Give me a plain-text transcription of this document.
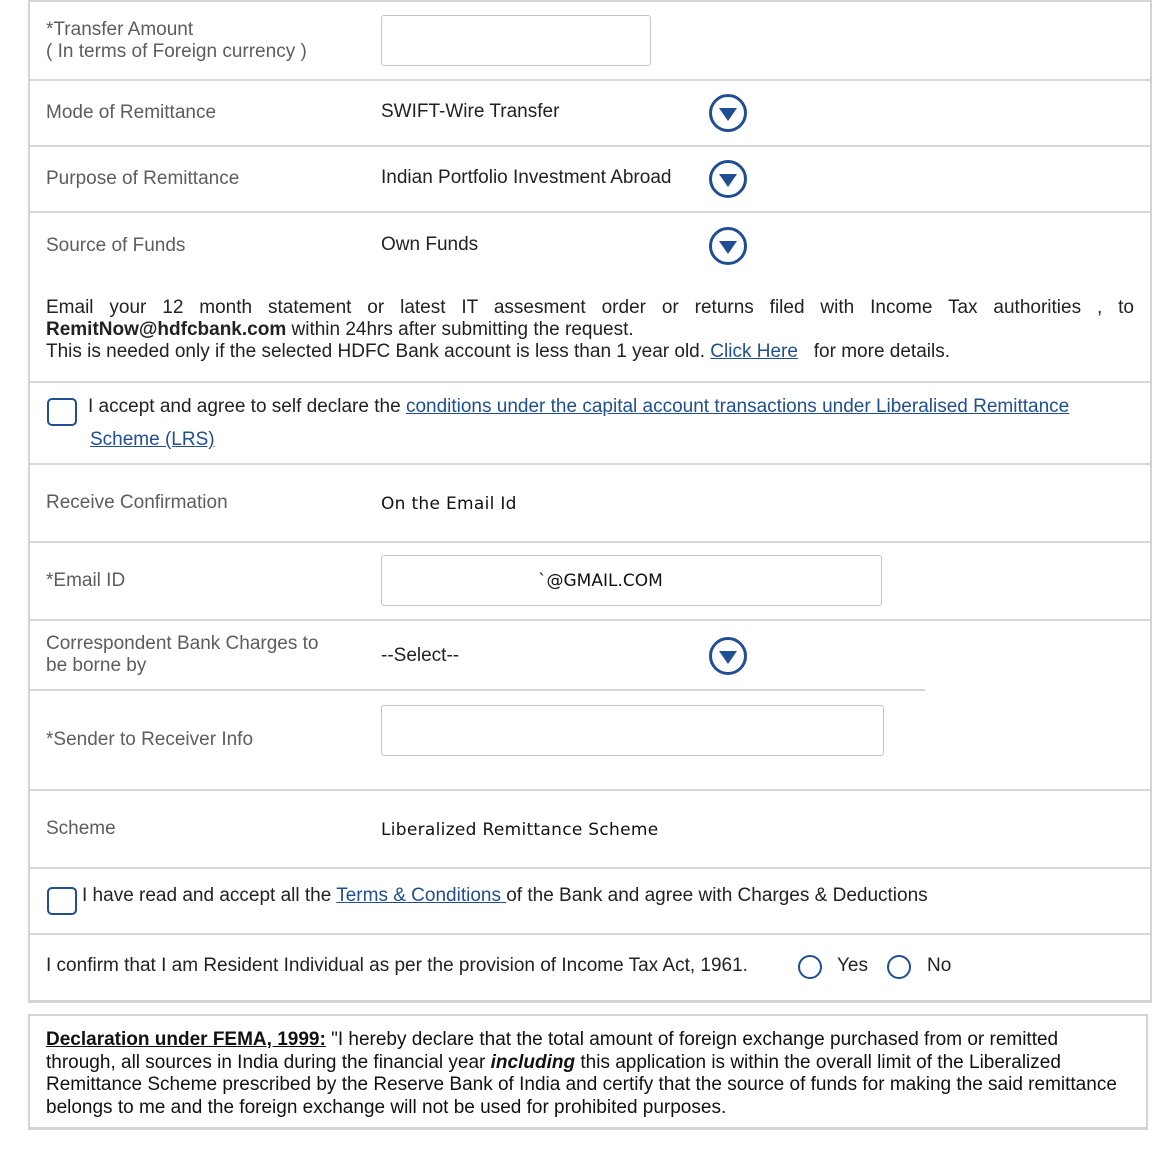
*Transfer Amount
( In terms of Foreign currency )
Mode of Remittance	SWIFT-Wire Transfer
Purpose of Remittance	Indian Portfolio Investment Abroad
Source of Funds	Own Funds
Email your 12 month statement or latest IT assesment order or returns filed with Income Tax authorities , to
RemitNow@hdfcbank.com within 24hrs after submitting the request.
This is needed only if the selected HDFC Bank account is less than 1 year old. Click Here for more details.
I accept and agree to self declare the conditions under the capital account transactions under Liberalised Remittance
Scheme (LRS)
Receive Confirmation	On the Email Id
*Email ID	`@GMAIL.COM
Correspondent Bank Charges to
be borne by	--Select--
*Sender to Receiver Info
Scheme	Liberalized Remittance Scheme
I have read and accept all the Terms & Conditions of the Bank and agree with Charges & Deductions
I confirm that I am Resident Individual as per the provision of Income Tax Act, 1961.	Yes	No
Declaration under FEMA, 1999: "I hereby declare that the total amount of foreign exchange purchased from or remitted through, all sources in India during the financial year including this application is within the overall limit of the Liberalized Remittance Scheme prescribed by the Reserve Bank of India and certify that the source of funds for making the said remittance belongs to me and the foreign exchange will not be used for prohibited purposes.
